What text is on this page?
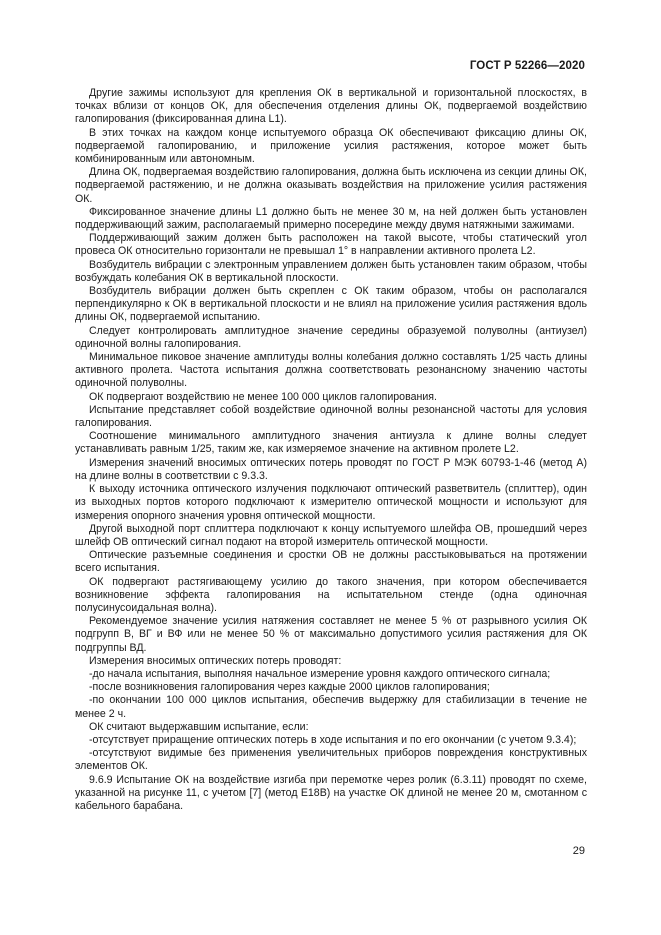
ГОСТ Р 52266—2020

Другие зажимы используют для крепления ОК в вертикальной и горизонтальной плоскостях, в точках вблизи от концов ОК, для обеспечения отделения длины ОК, подвергаемой воздействию галопирования (фиксированная длина L1).

В этих точках на каждом конце испытуемого образца ОК обеспечивают фиксацию длины ОК, подвергаемой галопированию, и приложение усилия растяжения, которое может быть комбинированным или автономным.

Длина ОК, подвергаемая воздействию галопирования, должна быть исключена из секции длины ОК, подвергаемой растяжению, и не должна оказывать воздействия на приложение усилия растяжения ОК.

Фиксированное значение длины L1 должно быть не менее 30 м, на ней должен быть установлен поддерживающий зажим, располагаемый примерно посередине между двумя натяжными зажимами.

Поддерживающий зажим должен быть расположен на такой высоте, чтобы статический угол провеса ОК относительно горизонтали не превышал 1° в направлении активного пролета L2.

Возбудитель вибрации с электронным управлением должен быть установлен таким образом, чтобы возбуждать колебания ОК в вертикальной плоскости.

Возбудитель вибрации должен быть скреплен с ОК таким образом, чтобы он располагался перпендикулярно к ОК в вертикальной плоскости и не влиял на приложение усилия растяжения вдоль длины ОК, подвергаемой испытанию.

Следует контролировать амплитудное значение середины образуемой полуволны (антиузел) одиночной волны галопирования.

Минимальное пиковое значение амплитуды волны колебания должно составлять 1/25 часть длины активного пролета. Частота испытания должна соответствовать резонансному значению частоты одиночной полуволны.

ОК подвергают воздействию не менее 100 000 циклов галопирования.

Испытание представляет собой воздействие одиночной волны резонансной частоты для условия галопирования.

Соотношение минимального амплитудного значения антиузла к длине волны следует устанавливать равным 1/25, таким же, как измеряемое значение на активном пролете L2.

Измерения значений вносимых оптических потерь проводят по ГОСТ Р МЭК 60793-1-46 (метод А) на длине волны в соответствии с 9.3.3.

К выходу источника оптического излучения подключают оптический разветвитель (сплиттер), один из выходных портов которого подключают к измерителю оптической мощности и используют для измерения опорного значения уровня оптической мощности.

Другой выходной порт сплиттера подключают к концу испытуемого шлейфа ОВ, прошедший через шлейф ОВ оптический сигнал подают на второй измеритель оптической мощности.

Оптические разъемные соединения и сростки ОВ не должны расстыковываться на протяжении всего испытания.

ОК подвергают растягивающему усилию до такого значения, при котором обеспечивается возникновение эффекта галопирования на испытательном стенде (одна одиночная полусинусоидальная волна).

Рекомендуемое значение усилия натяжения составляет не менее 5 % от разрывного усилия ОК подгрупп В, ВГ и ВФ или не менее 50 % от максимально допустимого усилия растяжения для ОК подгруппы ВД.

Измерения вносимых оптических потерь проводят:

-до начала испытания, выполняя начальное измерение уровня каждого оптического сигнала;

-после возникновения галопирования через каждые 2000 циклов галопирования;

-по окончании 100 000 циклов испытания, обеспечив выдержку для стабилизации в течение не менее 2 ч.

ОК считают выдержавшим испытание, если:

-отсутствует приращение оптических потерь в ходе испытания и по его окончании (с учетом 9.3.4);

-отсутствуют видимые без применения увеличительных приборов повреждения конструктивных элементов ОК.

9.6.9 Испытание ОК на воздействие изгиба при перемотке через ролик (6.3.11) проводят по схеме, указанной на рисунке 11, с учетом [7] (метод Е18В) на участке ОК длиной не менее 20 м, смотанном с кабельного барабана.

29
